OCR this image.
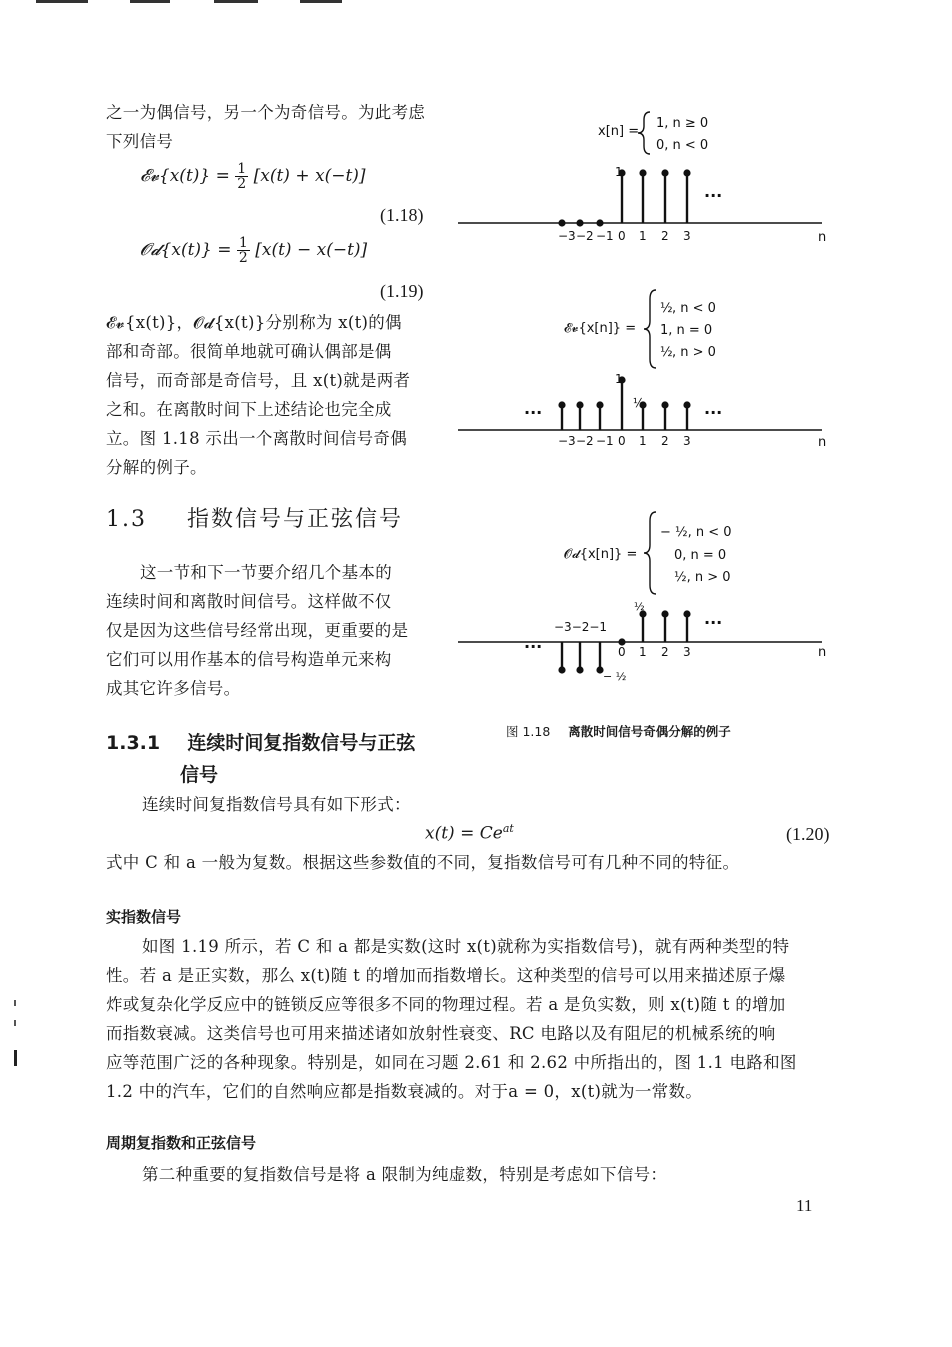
之一为偶信号，另一个为奇信号。为此考虑下列信号
𝓔𝓿{x(t)} = $\frac{1}{2} [x(t) + x(-t)]$
(1.18)
𝓞𝓭{x(t)} = $\frac{1}{2} [x(t) - x(-t)]$
(1.19)
𝓔𝓿{x(t)}，𝓞𝓭{x(t)}分别称为 x(t)的偶
部和奇部。很简单地就可确认偶部是偶
信号，而奇部是奇信号，且 x(t)就是两者
之和。在离散时间下上述结论也完全成
立。图 1.18 示出一个离散时间信号奇偶
分解的例子。
1.3 指数信号与正弦信号
这一节和下一节要介绍几个基本的
连续时间和离散时间信号。这样做不仅
仅是因为这些信号经常出现，更重要的是
它们可以用作基本的信号构造单元来构
成其它许多信号。
1.3.1 连续时间复指数信号与正弦
信号
x[n] =
1, n ≥ 0
0, n < 0
1
···
−3 −2 −1 0 1 2 3	n
𝓔𝓿{x[n]} =
½ , n < 0
1, n = 0
½ , n > 0
1
½
···	···
−3 −2 −1 0 1 2 3	n
𝓞𝓭{x[n]} =
− ½, n < 0
0, n = 0
½, n > 0
−3−2−1
0 1 2 3
½
− ½
···
···
n
图 1.18 离散时间信号奇偶分解的例子
连续时间复指数信号具有如下形式：
$x(t) = Ce^{at}$	(1.20)
式中 C 和 a 一般为复数。根据这些参数值的不同，复指数信号可有几种不同的特征。
实指数信号
如图 1.19 所示，若 C 和 a 都是实数(这时 x(t)就称为实指数信号)，就有两种类型的特
性。若 a 是正实数，那么 x(t)随 t 的增加而指数增长。这种类型的信号可以用来描述原子爆
炸或复杂化学反应中的链锁反应等很多不同的物理过程。若 a 是负实数，则 x(t)随 t 的增加
而指数衰减。这类信号也可用来描述诸如放射性衰变、RC 电路以及有阻尼的机械系统的响
应等范围广泛的各种现象。特别是，如同在习题 2.61 和 2.62 中所指出的，图 1.1 电路和图
1.2 中的汽车，它们的自然响应都是指数衰减的。对于a = 0，x(t)就为一常数。
周期复指数和正弦信号
第二种重要的复指数信号是将 a 限制为纯虚数，特别是考虑如下信号：
11
